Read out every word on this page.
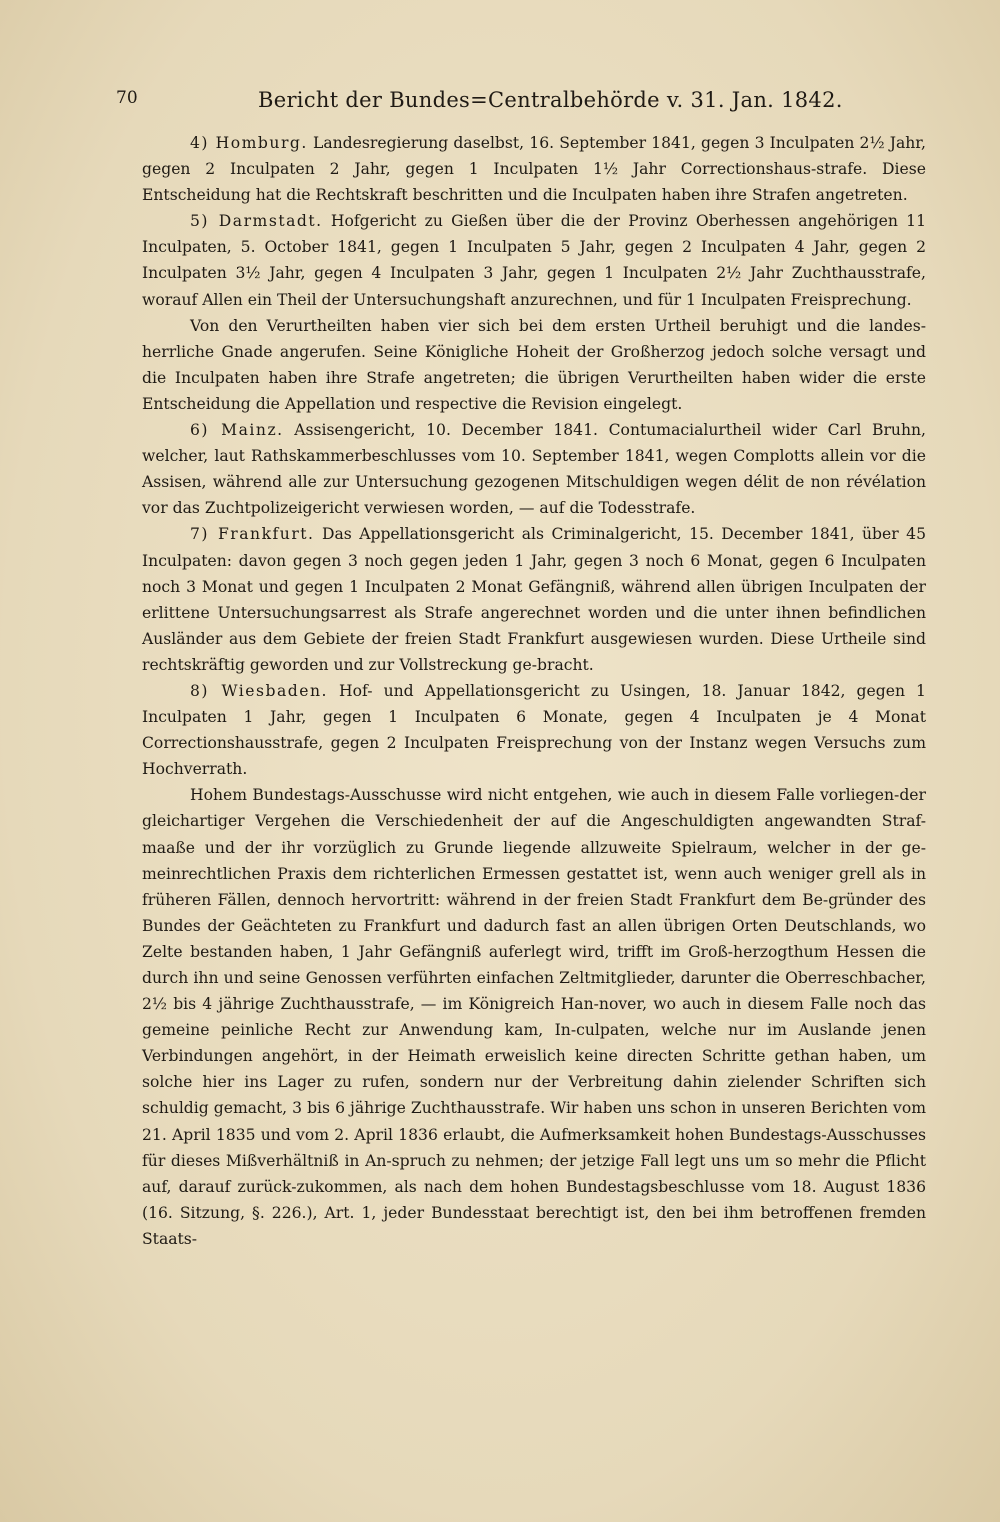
70	Bericht der Bundes=Centralbehörde v. 31. Jan. 1842.

4) Homburg. Landesregierung daselbst, 16. September 1841, gegen 3 Inculpaten 2½ Jahr, gegen 2 Inculpaten 2 Jahr, gegen 1 Inculpaten 1½ Jahr Correctionshaus-strafe. Diese Entscheidung hat die Rechtskraft beschritten und die Inculpaten haben ihre Strafen angetreten.

5) Darmstadt. Hofgericht zu Gießen über die der Provinz Oberhessen angehörigen 11 Inculpaten, 5. October 1841, gegen 1 Inculpaten 5 Jahr, gegen 2 Inculpaten 4 Jahr, gegen 2 Inculpaten 3½ Jahr, gegen 4 Inculpaten 3 Jahr, gegen 1 Inculpaten 2½ Jahr Zuchthausstrafe, worauf Allen ein Theil der Untersuchungshaft anzurechnen, und für 1 Inculpaten Freisprechung.

Von den Verurtheilten haben vier sich bei dem ersten Urtheil beruhigt und die landes-herrliche Gnade angerufen. Seine Königliche Hoheit der Großherzog jedoch solche versagt und die Inculpaten haben ihre Strafe angetreten; die übrigen Verurtheilten haben wider die erste Entscheidung die Appellation und respective die Revision eingelegt.

6) Mainz. Assisengericht, 10. December 1841. Contumacialurtheil wider Carl Bruhn, welcher, laut Rathskammerbeschlusses vom 10. September 1841, wegen Complotts allein vor die Assisen, während alle zur Untersuchung gezogenen Mitschuldigen wegen délit de non révélation vor das Zuchtpolizeigericht verwiesen worden, — auf die Todesstrafe.

7) Frankfurt. Das Appellationsgericht als Criminalgericht, 15. December 1841, über 45 Inculpaten: davon gegen 3 noch gegen jeden 1 Jahr, gegen 3 noch 6 Monat, gegen 6 Inculpaten noch 3 Monat und gegen 1 Inculpaten 2 Monat Gefängniß, während allen übrigen Inculpaten der erlittene Untersuchungsarrest als Strafe angerechnet worden und die unter ihnen befindlichen Ausländer aus dem Gebiete der freien Stadt Frankfurt ausgewiesen wurden. Diese Urtheile sind rechtskräftig geworden und zur Vollstreckung ge-bracht.

8) Wiesbaden. Hof- und Appellationsgericht zu Usingen, 18. Januar 1842, gegen 1 Inculpaten 1 Jahr, gegen 1 Inculpaten 6 Monate, gegen 4 Inculpaten je 4 Monat Correctionshausstrafe, gegen 2 Inculpaten Freisprechung von der Instanz wegen Versuchs zum Hochverrath.

Hohem Bundestags-Ausschusse wird nicht entgehen, wie auch in diesem Falle vorliegen-der gleichartiger Vergehen die Verschiedenheit der auf die Angeschuldigten angewandten Straf-maaße und der ihr vorzüglich zu Grunde liegende allzuweite Spielraum, welcher in der ge-meinrechtlichen Praxis dem richterlichen Ermessen gestattet ist, wenn auch weniger grell als in früheren Fällen, dennoch hervortritt: während in der freien Stadt Frankfurt dem Be-gründer des Bundes der Geächteten zu Frankfurt und dadurch fast an allen übrigen Orten Deutschlands, wo Zelte bestanden haben, 1 Jahr Gefängniß auferlegt wird, trifft im Groß-herzogthum Hessen die durch ihn und seine Genossen verführten einfachen Zeltmitglieder, darunter die Oberreschbacher, 2½ bis 4 jährige Zuchthausstrafe, — im Königreich Han-nover, wo auch in diesem Falle noch das gemeine peinliche Recht zur Anwendung kam, In-culpaten, welche nur im Auslande jenen Verbindungen angehört, in der Heimath erweislich keine directen Schritte gethan haben, um solche hier ins Lager zu rufen, sondern nur der Verbreitung dahin zielender Schriften sich schuldig gemacht, 3 bis 6 jährige Zuchthausstrafe. Wir haben uns schon in unseren Berichten vom 21. April 1835 und vom 2. April 1836 erlaubt, die Aufmerksamkeit hohen Bundestags-Ausschusses für dieses Mißverhältniß in An-spruch zu nehmen; der jetzige Fall legt uns um so mehr die Pflicht auf, darauf zurück-zukommen, als nach dem hohen Bundestagsbeschlusse vom 18. August 1836 (16. Sitzung, §. 226.), Art. 1, jeder Bundesstaat berechtigt ist, den bei ihm betroffenen fremden Staats-
